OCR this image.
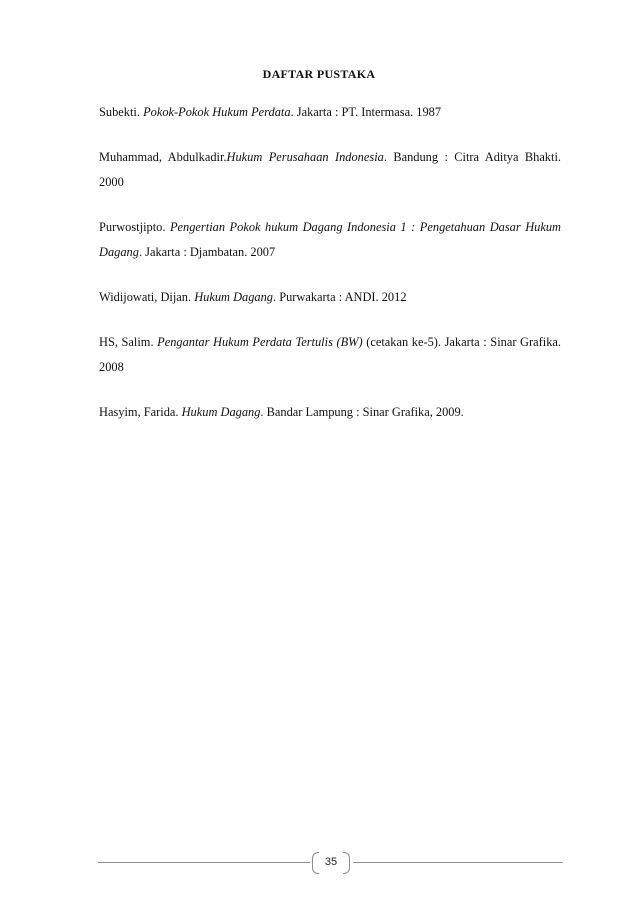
DAFTAR PUSTAKA

Subekti. Pokok-Pokok Hukum Perdata. Jakarta : PT. Intermasa. 1987

Muhammad, Abdulkadir.Hukum Perusahaan Indonesia. Bandung : Citra Aditya Bhakti. 2000

Purwostjipto. Pengertian Pokok hukum Dagang Indonesia 1 : Pengetahuan Dasar Hukum Dagang. Jakarta : Djambatan. 2007

Widijowati, Dijan. Hukum Dagang. Purwakarta : ANDI. 2012

HS, Salim. Pengantar Hukum Perdata Tertulis (BW) (cetakan ke-5). Jakarta : Sinar Grafika. 2008

Hasyim, Farida. Hukum Dagang. Bandar Lampung : Sinar Grafika, 2009.

35
